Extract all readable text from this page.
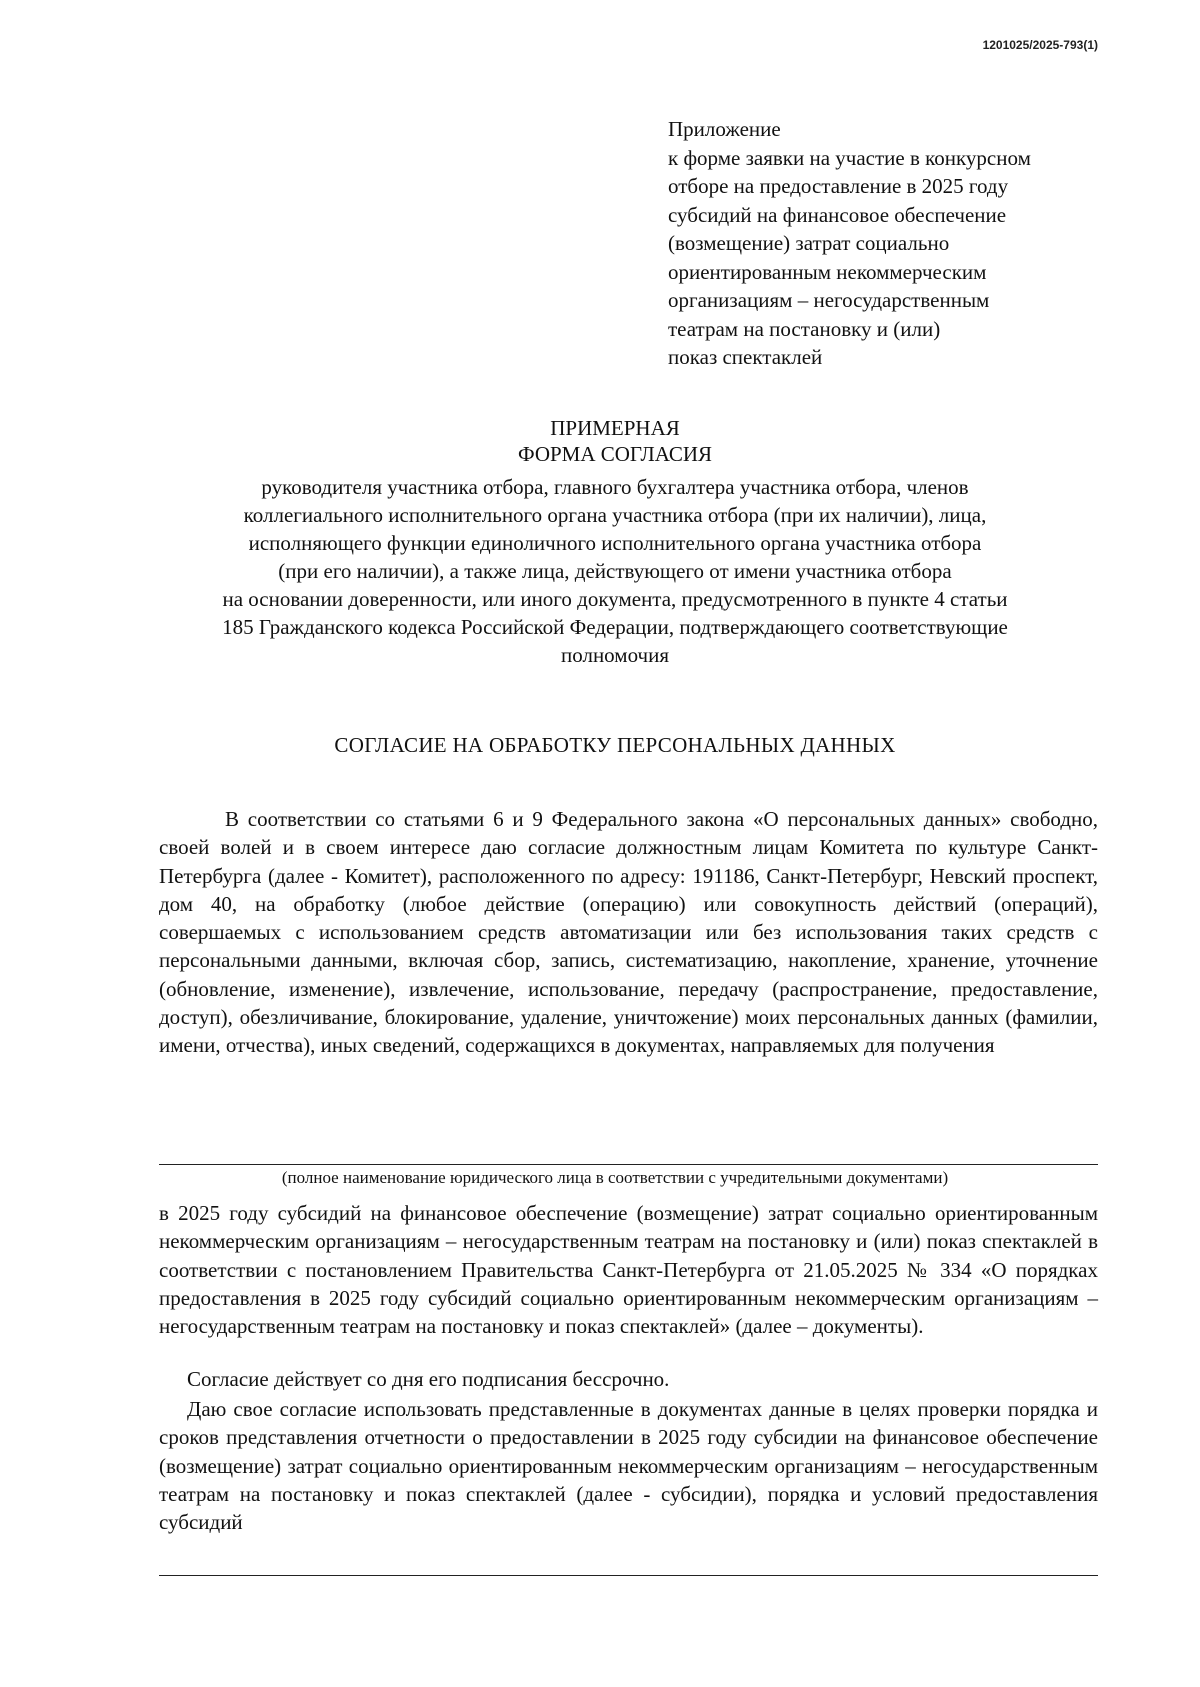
1201025/2025-793(1)
Приложение
к форме заявки на участие в конкурсном
отборе на предоставление в 2025 году
субсидий на финансовое обеспечение
(возмещение) затрат социально
ориентированным некоммерческим
организациям – негосударственным
театрам на постановку и (или)
показ спектаклей
ПРИМЕРНАЯ
ФОРМА СОГЛАСИЯ
руководителя участника отбора, главного бухгалтера участника отбора, членов
коллегиального исполнительного органа участника отбора (при их наличии), лица,
исполняющего функции единоличного исполнительного органа участника отбора
(при его наличии), а также лица, действующего от имени участника отбора
на основании доверенности, или иного документа, предусмотренного в пункте 4 статьи
185 Гражданского кодекса Российской Федерации, подтверждающего соответствующие
полномочия
СОГЛАСИЕ НА ОБРАБОТКУ ПЕРСОНАЛЬНЫХ ДАННЫХ
В соответствии со статьями 6 и 9 Федерального закона «О персональных данных» свободно, своей волей и в своем интересе даю согласие должностным лицам Комитета по культуре Санкт-Петербурга (далее - Комитет), расположенного по адресу: 191186, Санкт-Петербург, Невский проспект, дом 40, на обработку (любое действие (операцию) или совокупность действий (операций), совершаемых с использованием средств автоматизации или без использования таких средств с персональными данными, включая сбор, запись, систематизацию, накопление, хранение, уточнение (обновление, изменение), извлечение, использование, передачу (распространение, предоставление, доступ), обезличивание, блокирование, удаление, уничтожение) моих персональных данных (фамилии, имени, отчества), иных сведений, содержащихся в документах, направляемых для получения
(полное наименование юридического лица в соответствии с учредительными документами)
в 2025 году субсидий на финансовое обеспечение (возмещение) затрат социально ориентированным некоммерческим организациям – негосударственным театрам на постановку и (или) показ спектаклей в соответствии с постановлением Правительства Санкт-Петербурга от 21.05.2025 № 334 «О порядках предоставления в 2025 году субсидий социально ориентированным некоммерческим организациям – негосударственным театрам на постановку и показ спектаклей» (далее – документы).
Согласие действует со дня его подписания бессрочно.
Даю свое согласие использовать представленные в документах данные в целях проверки порядка и сроков представления отчетности о предоставлении в 2025 году субсидии на финансовое обеспечение (возмещение) затрат социально ориентированным некоммерческим организациям – негосударственным театрам на постановку и показ спектаклей (далее - субсидии), порядка и условий предоставления субсидий
